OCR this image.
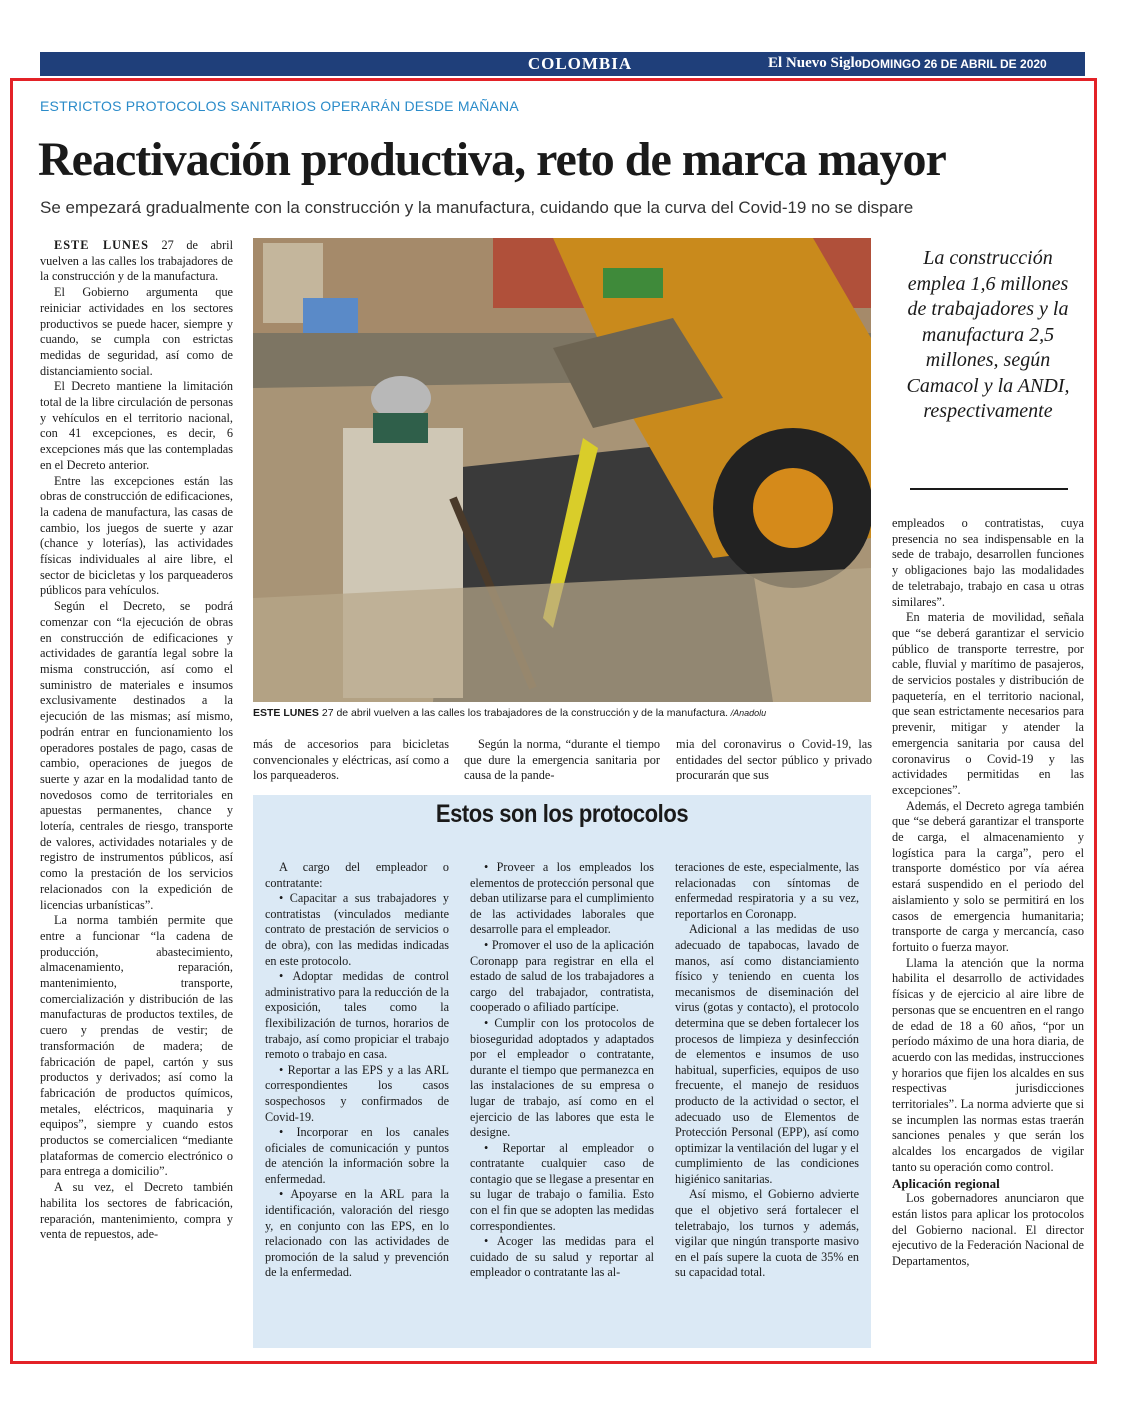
COLOMBIA	El Nuevo Siglo DOMINGO 26 DE ABRIL DE 2020	17
ESTRICTOS PROTOCOLOS SANITARIOS OPERARÁN DESDE MAÑANA
Reactivación productiva, reto de marca mayor
Se empezará gradualmente con la construcción y la manufactura, cuidando que la curva del Covid-19 no se dispare

ESTE LUNES 27 de abril vuelven a las calles los trabajadores de la construcción y de la manufactura.

El Gobierno argumenta que reiniciar actividades en los sectores productivos se puede hacer, siempre y cuando, se cumpla con estrictas medidas de seguridad, así como de distanciamiento social.

El Decreto mantiene la limitación total de la libre circulación de personas y vehículos en el territorio nacional, con 41 excepciones, es decir, 6 excepciones más que las contempladas en el Decreto anterior.

Entre las excepciones están las obras de construcción de edificaciones, la cadena de manufactura, las casas de cambio, los juegos de suerte y azar (chance y loterías), las actividades físicas individuales al aire libre, el sector de bicicletas y los parqueaderos públicos para vehículos.

Según el Decreto, se podrá comenzar con “la ejecución de obras en construcción de edificaciones y actividades de garantía legal sobre la misma construcción, así como el suministro de materiales e insumos exclusivamente destinados a la ejecución de las mismas; así mismo, podrán entrar en funcionamiento los operadores postales de pago, casas de cambio, operaciones de juegos de suerte y azar en la modalidad tanto de novedosos como de territoriales en apuestas permanentes, chance y lotería, centrales de riesgo, transporte de valores, actividades notariales y de registro de instrumentos públicos, así como la prestación de los servicios relacionados con la expedición de licencias urbanísticas”.

La norma también permite que entre a funcionar “la cadena de producción, abastecimiento, almacenamiento, reparación, mantenimiento, transporte, comercialización y distribución de las manufacturas de productos textiles, de cuero y prendas de vestir; de transformación de madera; de fabricación de papel, cartón y sus productos y derivados; así como la fabricación de productos químicos, metales, eléctricos, maquinaria y equipos”, siempre y cuando estos productos se comercialicen “mediante plataformas de comercio electrónico o para entrega a domicilio”.

A su vez, el Decreto también habilita los sectores de fabricación, reparación, mantenimiento, compra y venta de repuestos, ade-

ESTE LUNES 27 de abril vuelven a las calles los trabajadores de la construcción y de la manufactura. /Anadolu
La construcción emplea 1,6 millones de trabajadores y la manufactura 2,5 millones, según Camacol y la ANDI, respectivamente

más de accesorios para bicicletas convencionales y eléctricas, así como a los parqueaderos.

Según la norma, “durante el tiempo que dure la emergencia sanitaria por causa de la pande-

mia del coronavirus o Covid-19, las entidades del sector público y privado procurarán que sus

Estos son los protocolos

A cargo del empleador o contratante:

• Capacitar a sus trabajadores y contratistas (vinculados mediante contrato de prestación de servicios o de obra), con las medidas indicadas en este protocolo.

• Adoptar medidas de control administrativo para la reducción de la exposición, tales como la flexibilización de turnos, horarios de trabajo, así como propiciar el trabajo remoto o trabajo en casa.

• Reportar a las EPS y a las ARL correspondientes los casos sospechosos y confirmados de Covid-19.

• Incorporar en los canales oficiales de comunicación y puntos de atención la información sobre la enfermedad.

• Apoyarse en la ARL para la identificación, valoración del riesgo y, en conjunto con las EPS, en lo relacionado con las actividades de promoción de la salud y prevención de la enfermedad.

• Proveer a los empleados los elementos de protección personal que deban utilizarse para el cumplimiento de las actividades laborales que desarrolle para el empleador.

• Promover el uso de la aplicación Coronapp para registrar en ella el estado de salud de los trabajadores a cargo del trabajador, contratista, cooperado o afiliado partícipe.

• Cumplir con los protocolos de bioseguridad adoptados y adaptados por el empleador o contratante, durante el tiempo que permanezca en las instalaciones de su empresa o lugar de trabajo, así como en el ejercicio de las labores que esta le designe.

• Reportar al empleador o contratante cualquier caso de contagio que se llegase a presentar en su lugar de trabajo o familia. Esto con el fin que se adopten las medidas correspondientes.

• Acoger las medidas para el cuidado de su salud y reportar al empleador o contratante las al-

teraciones de este, especialmente, las relacionadas con síntomas de enfermedad respiratoria y a su vez, reportarlos en Coronapp.

Adicional a las medidas de uso adecuado de tapabocas, lavado de manos, así como distanciamiento físico y teniendo en cuenta los mecanismos de diseminación del virus (gotas y contacto), el protocolo determina que se deben fortalecer los procesos de limpieza y desinfección de elementos e insumos de uso habitual, superficies, equipos de uso frecuente, el manejo de residuos producto de la actividad o sector, el adecuado uso de Elementos de Protección Personal (EPP), así como optimizar la ventilación del lugar y el cumplimiento de las condiciones higiénico sanitarias.

Así mismo, el Gobierno advierte que el objetivo será fortalecer el teletrabajo, los turnos y además, vigilar que ningún transporte masivo en el país supere la cuota de 35% en su capacidad total.

empleados o contratistas, cuya presencia no sea indispensable en la sede de trabajo, desarrollen funciones y obligaciones bajo las modalidades de teletrabajo, trabajo en casa u otras similares”.

En materia de movilidad, señala que “se deberá garantizar el servicio público de transporte terrestre, por cable, fluvial y marítimo de pasajeros, de servicios postales y distribución de paquetería, en el territorio nacional, que sean estrictamente necesarios para prevenir, mitigar y atender la emergencia sanitaria por causa del coronavirus o Covid-19 y las actividades permitidas en las excepciones”.

Además, el Decreto agrega también que “se deberá garantizar el transporte de carga, el almacenamiento y logística para la carga”, pero el transporte doméstico por vía aérea estará suspendido en el periodo del aislamiento y solo se permitirá en los casos de emergencia humanitaria; transporte de carga y mercancía, caso fortuito o fuerza mayor.

Llama la atención que la norma habilita el desarrollo de actividades físicas y de ejercicio al aire libre de personas que se encuentren en el rango de edad de 18 a 60 años, “por un período máximo de una hora diaria, de acuerdo con las medidas, instrucciones y horarios que fijen los alcaldes en sus respectivas jurisdicciones territoriales”. La norma advierte que si se incumplen las normas estas traerán sanciones penales y que serán los alcaldes los encargados de vigilar tanto su operación como control.

Aplicación regional

Los gobernadores anunciaron que están listos para aplicar los protocolos del Gobierno nacional. El director ejecutivo de la Federación Nacional de Departamentos,
